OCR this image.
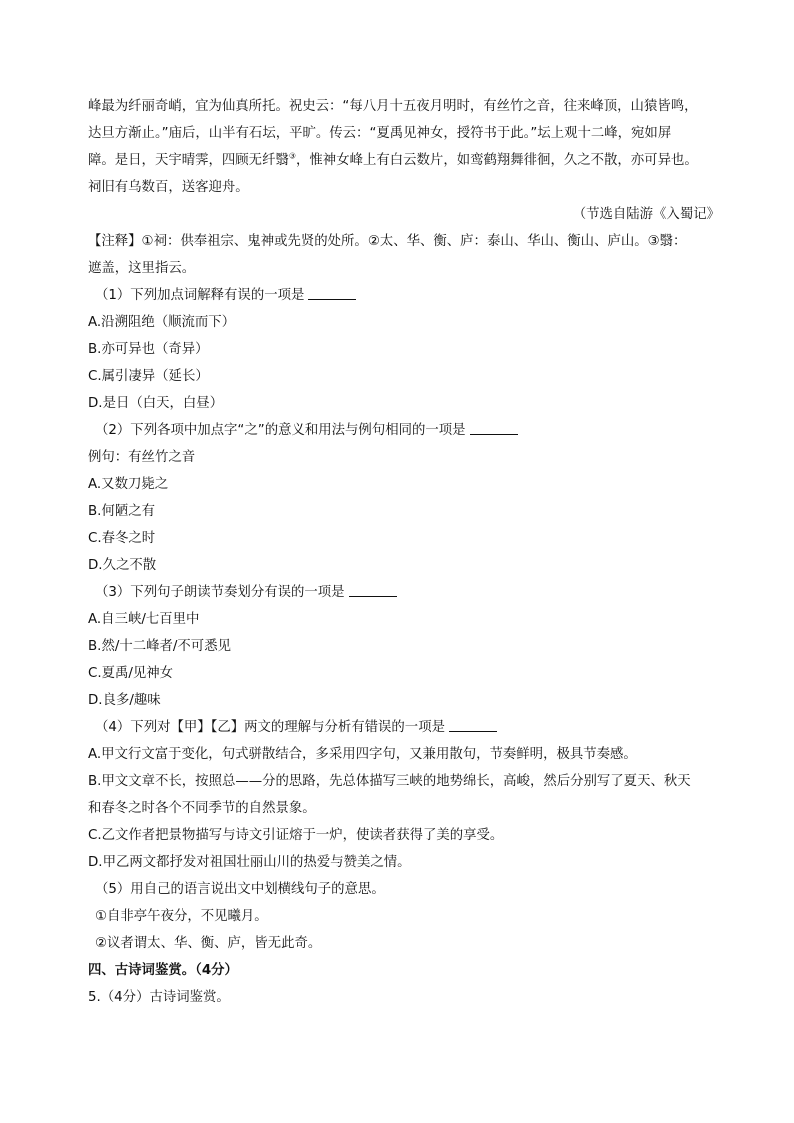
峰最为纤丽奇峭，宜为仙真所托。祝史云：“每八月十五夜月明时，有丝竹之音，往来峰顶，山猿皆鸣，
达旦方渐止。”庙后，山半有石坛，平旷。传云：“夏禹见神女，授符书于此。”坛上观十二峰，宛如屏
障。是日，天宇晴霁，四顾无纤翳③，惟神女峰上有白云数片，如鸾鹤翔舞徘徊，久之不散，亦可异也。
祠旧有乌数百，送客迎舟。
（节选自陆游《入蜀记》
【注释】①祠：供奉祖宗、鬼神或先贤的处所。②太、华、衡、庐：泰山、华山、衡山、庐山。③翳：
遮盖，这里指云。
（1）下列加点词解释有误的一项是
A.沿溯阻绝（顺流而下）
B.亦可异也（奇异）
C.属引凄异（延长）
D.是日（白天，白昼）
（2）下列各项中加点字“之”的意义和用法与例句相同的一项是
例句：有丝竹之音
A.又数刀毙之
B.何陋之有
C.春冬之时
D.久之不散
（3）下列句子朗读节奏划分有误的一项是
A.自三峡/七百里中
B.然/十二峰者/不可悉见
C.夏禹/见神女
D.良多/趣味
（4）下列对【甲】【乙】两文的理解与分析有错误的一项是
A.甲文行文富于变化，句式骈散结合，多采用四字句，又兼用散句，节奏鲜明，极具节奏感。
B.甲文文章不长，按照总——分的思路，先总体描写三峡的地势绵长，高峻，然后分别写了夏天、秋天
和春冬之时各个不同季节的自然景象。
C.乙文作者把景物描写与诗文引证熔于一炉，使读者获得了美的享受。
D.甲乙两文都抒发对祖国壮丽山川的热爱与赞美之情。
（5）用自己的语言说出文中划横线句子的意思。
①自非亭午夜分，不见曦月。
②议者谓太、华、衡、庐，皆无此奇。
四、古诗词鉴赏。（4分）
5.（4分）古诗词鉴赏。
